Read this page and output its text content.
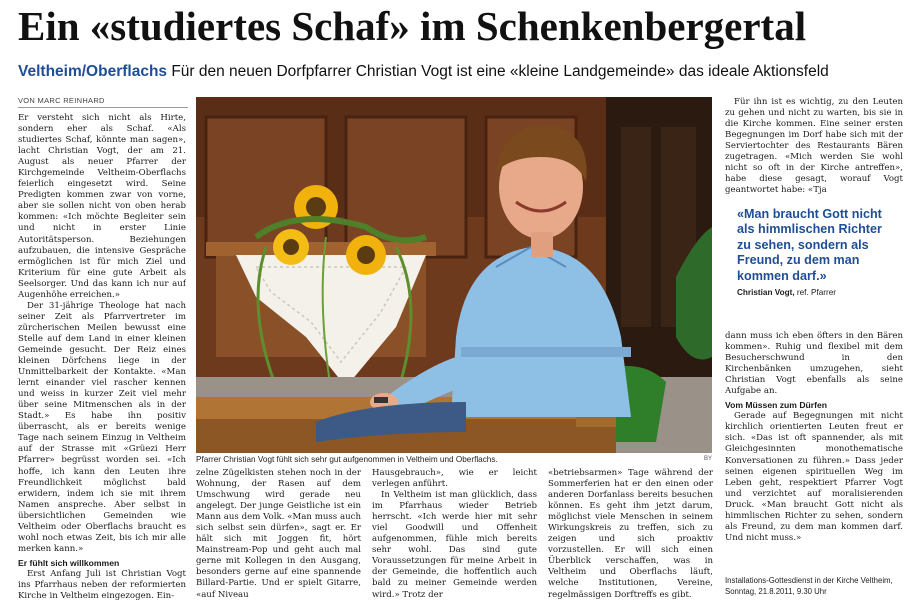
Ein «studiertes Schaf» im Schenkenbergertal
Veltheim/Oberflachs Für den neuen Dorfpfarrer Christian Vogt ist eine «kleine Landgemeinde» das ideale Aktionsfeld
VON MARC REINHARD

Er versteht sich nicht als Hirte, sondern eher als Schaf. «Als studiertes Schaf, könnte man sagen», lacht Christian Vogt, der am 21. August als neuer Pfarrer der Kirchgemeinde Veltheim-Oberflachs feierlich eingesetzt wird. Seine Predigten kommen zwar von vorne, aber sie sollen nicht von oben herab kommen: «Ich möchte Begleiter sein und nicht in erster Linie Autoritätsperson. Beziehungen aufzubauen, die intensive Gespräche ermöglichen ist für mich Ziel und Kriterium für eine gute Arbeit als Seelsorger. Und das kann ich nur auf Augenhöhe erreichen.»

Der 31-jährige Theologe hat nach seiner Zeit als Pfarrvertreter im zürcherischen Meilen bewusst eine Stelle auf dem Land in einer kleinen Gemeinde gesucht. Der Reiz eines kleinen Dörfchens liege in der Unmittelbarkeit der Kontakte. «Man lernt einander viel rascher kennen und weiss in kurzer Zeit viel mehr über seine Mitmenschen als in der Stadt.» Es habe ihn positiv überrascht, als er bereits wenige Tage nach seinem Einzug in Veltheim auf der Strasse mit «Grüezi Herr Pfarrer» begrüsst worden sei. «Ich hoffe, ich kann den Leuten ihre Freundlichkeit möglichst bald erwidern, indem ich sie mit ihrem Namen anspreche. Aber selbst in übersichtlichen Gemeinden wie Veltheim oder Oberflachs braucht es wohl noch etwas Zeit, bis ich mir alle merken kann.»

Er fühlt sich willkommen

Erst Anfang Juli ist Christian Vogt ins Pfarrhaus neben der reformierten Kirche in Veltheim eingezogen. Ein-

Pfarrer Christian Vogt fühlt sich sehr gut aufgenommen in Veltheim und Oberflachs.	BY

zelne Zügelkisten stehen noch in der Wohnung, der Rasen auf dem Umschwung wird gerade neu angelegt. Der junge Geistliche ist ein Mann aus dem Volk. «Man muss auch sich selbst sein dürfen», sagt er. Er hält sich mit Joggen fit, hört Mainstream-Pop und geht auch mal gerne mit Kollegen in den Ausgang, besonders gerne auf eine spannende Billard-Partie. Und er spielt Gitarre, «auf Niveau

Hausgebrauch», wie er leicht verlegen anführt.

In Veltheim ist man glücklich, dass im Pfarrhaus wieder Betrieb herrscht. «Ich werde hier mit sehr viel Goodwill und Offenheit aufgenommen, fühle mich bereits sehr wohl. Das sind gute Voraussetzungen für meine Arbeit in der Gemeinde, die hoffentlich auch bald zu meiner Gemeinde werden wird.» Trotz der

«betriebsarmen» Tage während der Sommerferien hat er den einen oder anderen Dorfanlass bereits besuchen können. Es geht ihm jetzt darum, möglichst viele Menschen in seinem Wirkungskreis zu treffen, sich zu zeigen und sich proaktiv vorzustellen. Er will sich einen Überblick verschaffen, was in Veltheim und Oberflachs läuft, welche Institutionen, Vereine, regelmässigen Dorftreffs es gibt.

Für ihn ist es wichtig, zu den Leuten zu gehen und nicht zu warten, bis sie in die Kirche kommen. Eine seiner ersten Begegnungen im Dorf habe sich mit der Serviertochter des Restaurants Bären zugetragen. «Mich werden Sie wohl nicht so oft in der Kirche antreffen», habe diese gesagt, worauf Vogt geantwortet habe: «Tja

«Man braucht Gott nicht als himmlischen Richter zu sehen, sondern als Freund, zu dem man kommen darf.»
Christian Vogt, ref. Pfarrer

dann muss ich eben öfters in den Bären kommen». Ruhig und flexibel mit dem Besucherschwund in den Kirchenbänken umzugehen, sieht Christian Vogt ebenfalls als seine Aufgabe an.

Vom Müssen zum Dürfen

Gerade auf Begegnungen mit nicht kirchlich orientierten Leuten freut er sich. «Das ist oft spannender, als mit Gleichgesinnten monothematische Konversationen zu führen.» Dass jeder seinen eigenen spirituellen Weg im Leben geht, respektiert Pfarrer Vogt und verzichtet auf moralisierenden Druck. «Man braucht Gott nicht als himmlischen Richter zu sehen, sondern als Freund, zu dem man kommen darf. Und nicht muss.»

Installations-Gottesdienst in der Kirche Veltheim, Sonntag, 21.8.2011, 9.30 Uhr
